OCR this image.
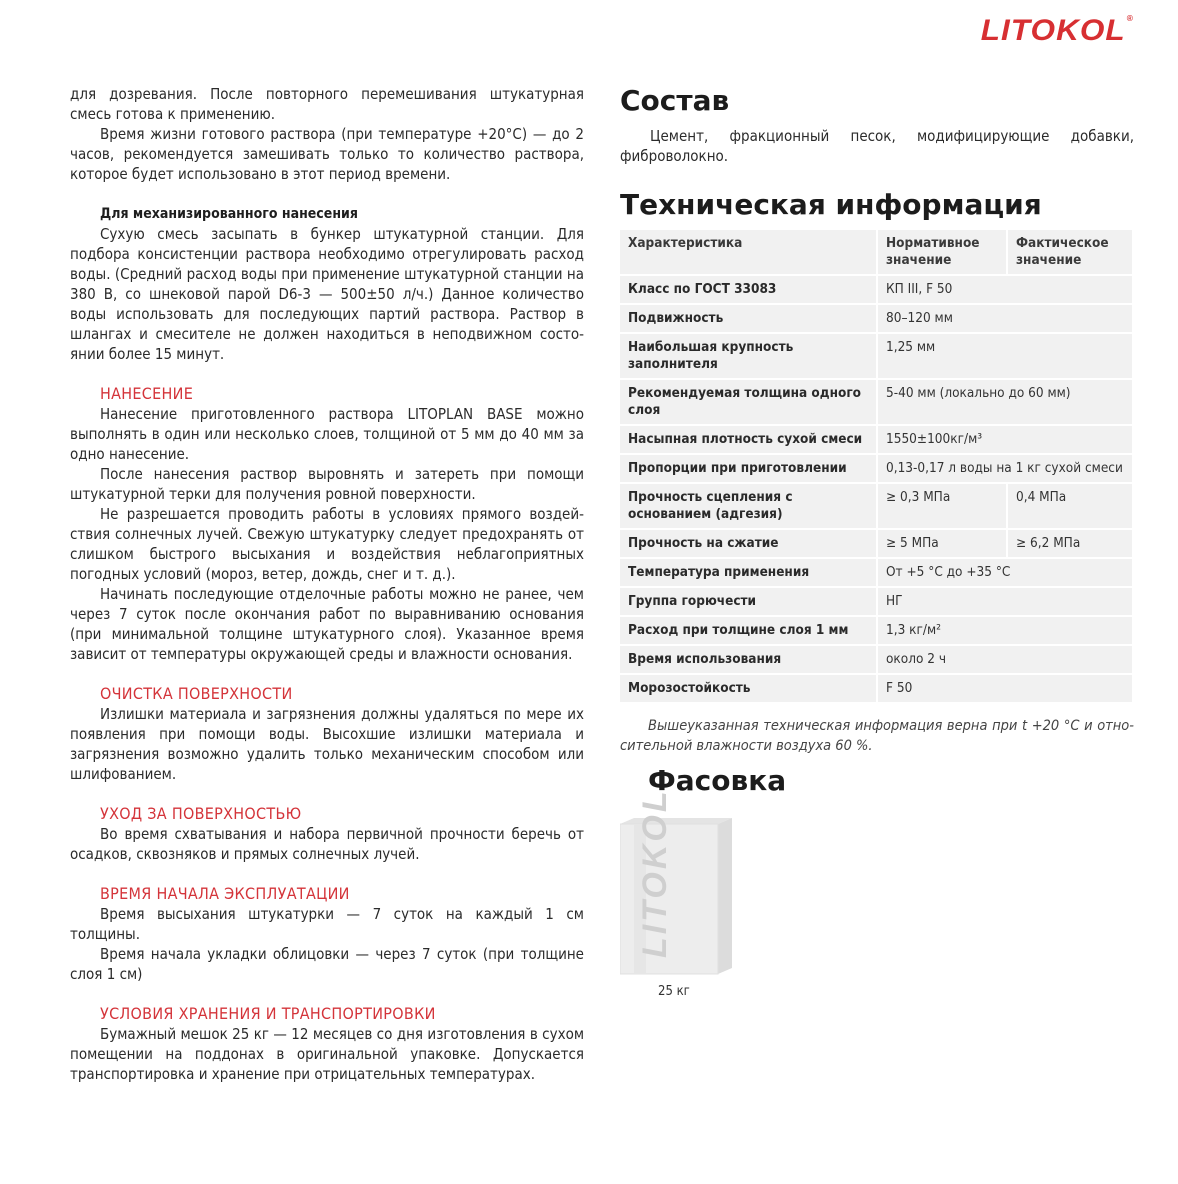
LITOKOL®

для дозревания. После повторного перемешивания штукатурная смесь готова к применению.

Время жизни готового раствора (при температуре +20°С) — до 2 часов, рекомендуется замешивать только то количество раствора, которое будет использовано в этот период времени.

Для механизированного нанесения

Сухую смесь засыпать в бункер штукатурной станции. Для подбора консистенции раствора необходимо отрегулировать расход воды. (Средний расход воды при применение штукатурной станции на 380 В, со шнековой парой D6-3 — 500±50 л/ч.) Данное количество воды использовать для последующих партий раствора. Раствор в шлангах и смесителе не должен находиться в неподвижном состоянии более 15 минут.

НАНЕСЕНИЕ

Нанесение приготовленного раствора LITOPLAN BASE можно выполнять в один или несколько слоев, толщиной от 5 мм до 40 мм за одно нанесение.

После нанесения раствор выровнять и затереть при помощи штукатурной терки для получения ровной поверхности.

Не разрешается проводить работы в условиях прямого воздействия солнечных лучей. Свежую штукатурку следует предохранять от слишком быстрого высыхания и воздействия неблагоприятных погодных условий (мороз, ветер, дождь, снег и т. д.).

Начинать последующие отделочные работы можно не ранее, чем через 7 суток после окончания работ по выравниванию основания (при минимальной толщине штукатурного слоя). Указанное время зависит от температуры окружающей среды и влажности основания.

ОЧИСТКА ПОВЕРХНОСТИ

Излишки материала и загрязнения должны удаляться по мере их появления при помощи воды. Высохшие излишки материала и загрязнения возможно удалить только механическим способом или шлифованием.

УХОД ЗА ПОВЕРХНОСТЬЮ

Во время схватывания и набора первичной прочности беречь от осадков, сквозняков и прямых солнечных лучей.

ВРЕМЯ НАЧАЛА ЭКСПЛУАТАЦИИ

Время высыхания штукатурки — 7 суток на каждый 1 см толщины.

Время начала укладки облицовки — через 7 суток (при толщине слоя 1 см)

УСЛОВИЯ ХРАНЕНИЯ И ТРАНСПОРТИРОВКИ

Бумажный мешок 25 кг — 12 месяцев со дня изготовления в сухом помещении на поддонах в оригинальной упаковке. Допускается транспортировка и хранение при отрицательных температурах.

Состав

Цемент, фракционный песок, модифицирующие добавки, фиброволокно.

Техническая информация
Характеристика	Нормативное значение	Фактическое значение
Класс по ГОСТ 33083	КП III, F 50	
Подвижность	80–120 мм	
Наибольшая крупность заполнителя	1,25 мм	
Рекомендуемая толщина одного слоя	5-40 мм (локально до 60 мм)	
Насыпная плотность сухой смеси	1550±100кг/м³	
Пропорции при приготовлении	0,13-0,17 л воды на 1 кг сухой смеси	
Прочность сцепления с основанием (адгезия)	≥ 0,3 МПа	0,4 МПа
Прочность на сжатие	≥ 5 МПа	≥ 6,2 МПа
Температура применения	От +5 °С до +35 °С	
Группа горючести	НГ	
Расход при толщине слоя 1 мм	1,3 кг/м²	
Время использования	около 2 ч	
Морозостойкость	F 50	

Вышеуказанная техническая информация верна при t +20 °C и относительной влажности воздуха 60 %.

Фасовка
LITOKOL

25 кг
